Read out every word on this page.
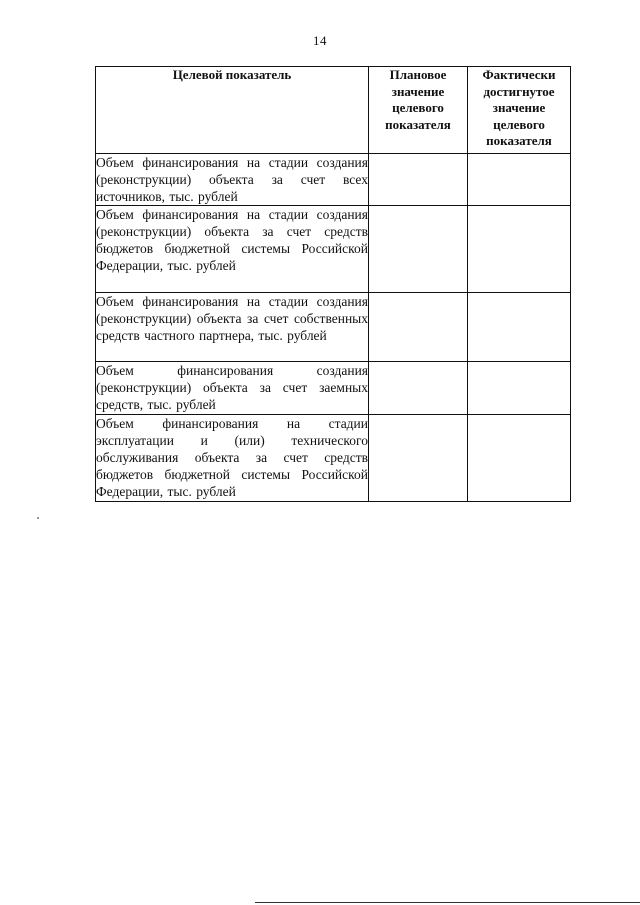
14
Целевой показатель	Плановое значение целевого показателя	Фактически достигнутое значение целевого показателя
Объем финансирования на стадии создания (реконструкции) объекта за счет всех источников, тыс. рублей		
Объем финансирования на стадии создания (реконструкции) объекта за счет средств бюджетов бюджетной системы Российской Федерации, тыс. рублей		
Объем финансирования на стадии создания (реконструкции) объекта за счет собственных средств частного партнера, тыс. рублей		
Объем финансирования создания (реконструкции) объекта за счет заемных средств, тыс. рублей		
Объем финансирования на стадии эксплуатации и (или) технического обслуживания объекта за счет средств бюджетов бюджетной системы Российской Федерации, тыс. рублей		
